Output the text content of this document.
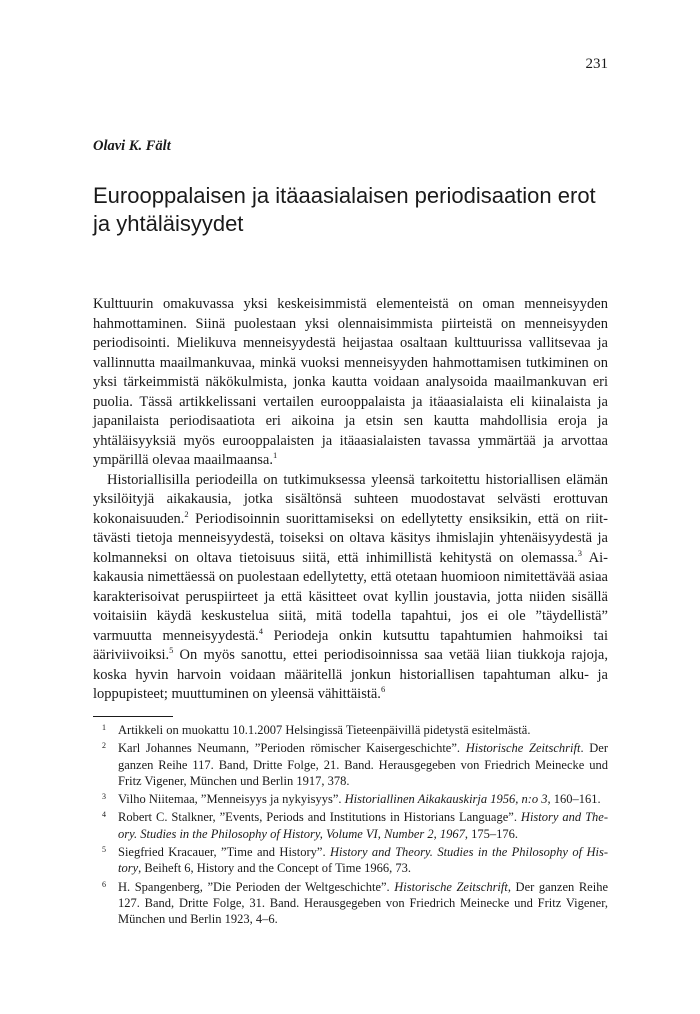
231
Olavi K. Fält
Eurooppalaisen ja itäaasialaisen periodisaation erot ja yhtäläisyydet

Kulttuurin omakuvassa yksi keskeisimmistä elementeistä on oman menneisyyden hahmottaminen. Siinä puolestaan yksi olennaisimmista piirteistä on menneisyyden periodisointi. Mielikuva menneisyydestä heijastaa osaltaan kulttuurissa vallitsevaa ja vallinnutta maailmankuvaa, minkä vuoksi menneisyyden hahmottamisen tutkiminen on yksi tärkeimmistä näkökulmista, jonka kautta voidaan analysoida maailmankuvan eri puolia. Tässä artikkelissani vertailen eurooppalaista ja itäaasialaista eli kiinalaista ja japanilaista periodisaatiota eri aikoina ja etsin sen kautta mahdollisia eroja ja yhtäläisyyksiä myös eurooppalaisten ja itäaasialaisten tavassa ymmärtää ja arvottaa ympärillä olevaa maailmaansa.$^1$

Historiallisilla periodeilla on tutkimuksessa yleensä tarkoitettu historiallisen elämän yksilöityjä aikakausia, jotka sisältönsä suhteen muodostavat selvästi erottuvan kokonaisuuden.$^2$ Periodisoinnin suorittamiseksi on edellytetty ensiksikin, että on riittävästi tietoja menneisyydestä, toiseksi on oltava käsitys ihmislajin yhtenäisyydestä ja kolmanneksi on oltava tietoisuus siitä, että inhimillistä kehitystä on olemassa.$^3$ Aikakausia nimettäessä on puolestaan edellytetty, että otetaan huomioon nimitettävää asiaa karakterisoivat peruspiirteet ja että käsitteet ovat kyllin joustavia, jotta niiden sisällä voitaisiin käydä keskustelua siitä, mitä todella tapahtui, jos ei ole ”täydellistä” varmuutta menneisyydestä.$^4$ Periodeja onkin kutsuttu tapahtumien hahmoiksi tai ääriviivoiksi.$^5$ On myös sanottu, ettei periodisoinnissa saa vetää liian tiukkoja rajoja, koska hyvin harvoin voidaan määritellä jonkun historiallisen tapahtuman alku- ja loppupisteet; muuttuminen on yleensä vähittäistä.$^6$

1 Artikkeli on muokattu 10.1.2007 Helsingissä Tieteenpäivillä pidetystä esitelmästä.
2 Karl Johannes Neumann, ”Perioden römischer Kaisergeschichte”. Historische Zeitschrift. Der ganzen Reihe 117. Band, Dritte Folge, 21. Band. Herausgegeben von Friedrich Meinecke und Fritz Vigener, München und Berlin 1917, 378.
3 Vilho Niitemaa, ”Menneisyys ja nykyisyys”. Historiallinen Aikakauskirja 1956, n:o 3, 160–161.
4 Robert C. Stalkner, ”Events, Periods and Institutions in Historians Language”. History and Theory. Studies in the Philosophy of History, Volume VI, Number 2, 1967, 175–176.
5 Siegfried Kracauer, ”Time and History”. History and Theory. Studies in the Philosophy of History, Beiheft 6, History and the Concept of Time 1966, 73.
6 H. Spangenberg, ”Die Perioden der Weltgeschichte”. Historische Zeitschrift, Der ganzen Reihe 127. Band, Dritte Folge, 31. Band. Herausgegeben von Friedrich Meinecke und Fritz Vigener, München und Berlin 1923, 4–6.
